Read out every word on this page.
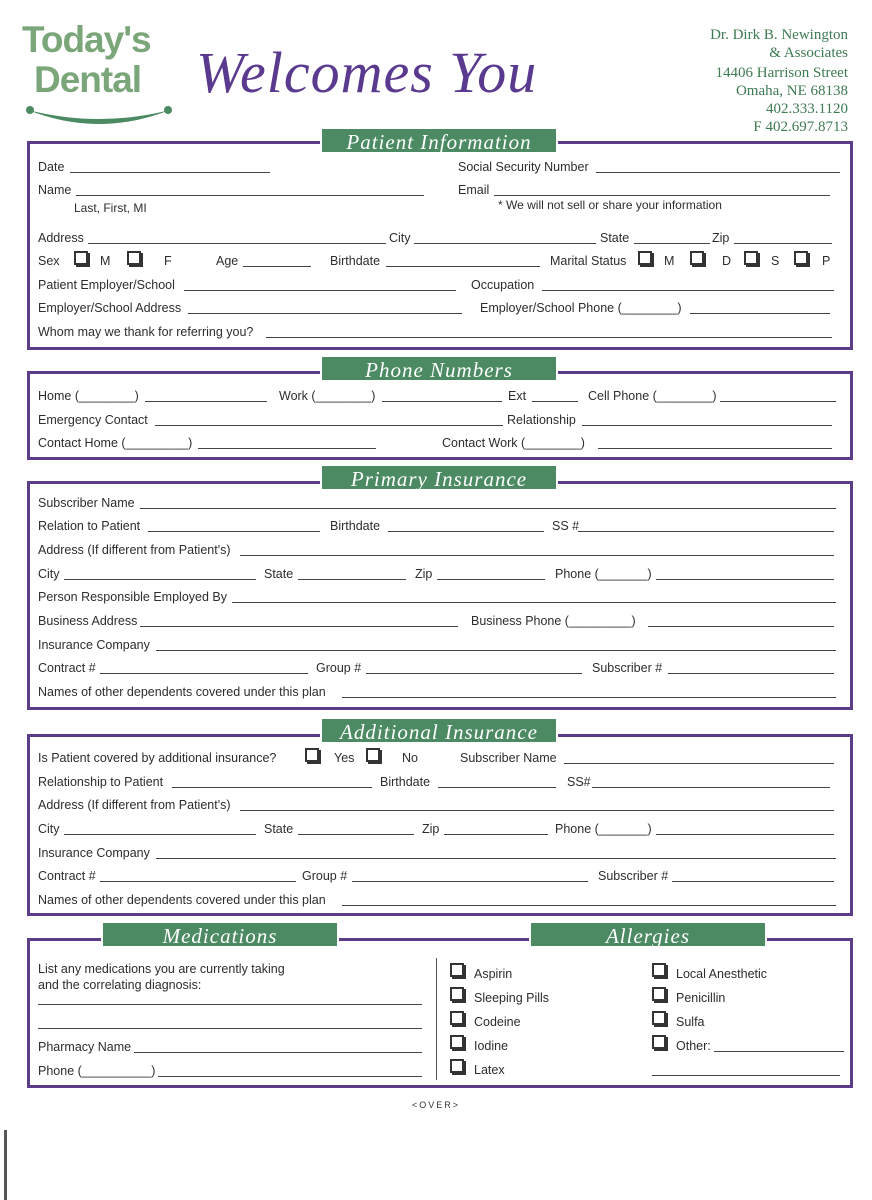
Today's
Dental Welcomes You
Dr. Dirk B. Newington
& Associates
14406 Harrison Street
Omaha, NE 68138
402.333.1120
F 402.697.8713
Patient Information
Date	Social Security Number
Name	Email
Last, First, MI	* We will not sell or share your information
Address	City	State	Zip
Sex	M	F	Age	Birthdate	Marital Status	M	D	S	P
Patient Employer/School	Occupation
Employer/School Address	Employer/School Phone (________)
Whom may we thank for referring you?
Phone Numbers
Home (________)	Work (________)	Ext	Cell Phone (________)
Emergency Contact	Relationship
Contact Home (_________)	Contact Work (________)
Primary Insurance
Subscriber Name
Relation to Patient	Birthdate	SS #
Address (If different from Patient's)
City	State	Zip	Phone (_______)
Person Responsible Employed By
Business Address	Business Phone (_________)
Insurance Company
Contract #	Group #	Subscriber #
Names of other dependents covered under this plan
Additional Insurance
Is Patient covered by additional insurance?	Yes	No	Subscriber Name
Relationship to Patient	Birthdate	SS#
Address (If different from Patient's)
City	State	Zip	Phone (_______)
Insurance Company
Contract #	Group #	Subscriber #
Names of other dependents covered under this plan
Medications	Allergies
List any medications you are currently taking
and the correlating diagnosis:
Pharmacy Name
Phone (__________)
Aspirin
Sleeping Pills
Codeine
Iodine
Latex
Local Anesthetic
Penicillin
Sulfa
Other:
<OVER>
